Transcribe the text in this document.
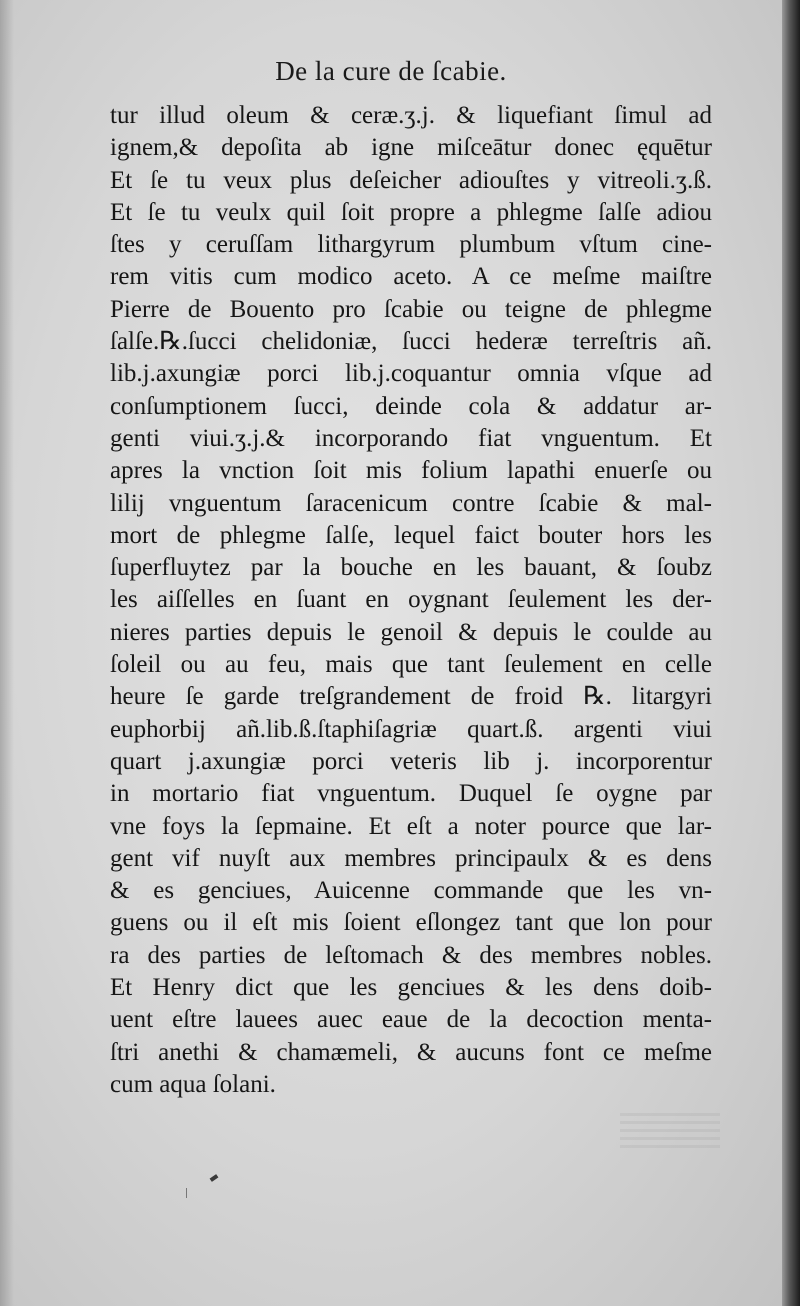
De la cure de ſcabie.
tur illud oleum & ceræ.ʒ.j. & liquefiant ſimul ad
ignem,& depoſita ab igne miſceātur donec ęquētur
Et ſe tu veux plus deſeicher adiouſtes y vitreoli.ʒ.ß.
Et ſe tu veulx quil ſoit propre a phlegme ſalſe adiou
ſtes y ceruſſam lithargyrum plumbum vſtum cine-
rem vitis cum modico aceto. A ce meſme maiſtre
Pierre de Bouento pro ſcabie ou teigne de phlegme
ſalſe.℞.ſucci chelidoniæ, ſucci hederæ terreſtris añ.
lib.j.axungiæ porci lib.j.coquantur omnia vſque ad
conſumptionem ſucci, deinde cola & addatur ar-
genti viui.ʒ.j.& incorporando fiat vnguentum. Et
apres la vnction ſoit mis folium lapathi enuerſe ou
lilij vnguentum ſaracenicum contre ſcabie & mal-
mort de phlegme ſalſe, lequel faict bouter hors les
ſuperfluytez par la bouche en les bauant, & ſoubz
les aiſſelles en ſuant en oygnant ſeulement les der-
nieres parties depuis le genoil & depuis le coulde au
ſoleil ou au feu, mais que tant ſeulement en celle
heure ſe garde treſgrandement de froid ℞. litargyri
euphorbij añ.lib.ß.ſtaphiſagriæ quart.ß. argenti viui
quart j.axungiæ porci veteris lib j. incorporentur
in mortario fiat vnguentum. Duquel ſe oygne par
vne foys la ſepmaine. Et eſt a noter pource que lar-
gent vif nuyſt aux membres principaulx & es dens
& es genciues, Auicenne commande que les vn-
guens ou il eſt mis ſoient eſlongez tant que lon pour
ra des parties de leſtomach & des membres nobles.
Et Henry dict que les genciues & les dens doib-
uent eſtre lauees auec eaue de la decoction menta-
ſtri anethi & chamæmeli, & aucuns font ce meſme
cum aqua ſolani.
